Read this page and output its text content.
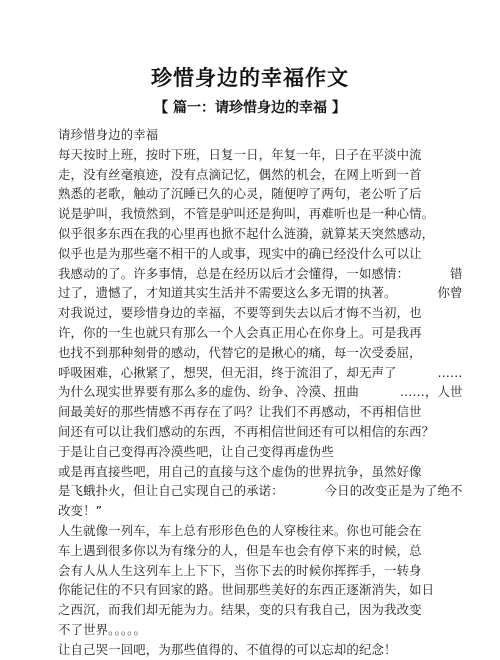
珍惜身边的幸福作文
【 篇一：请珍惜身边的幸福 】
请珍惜身边的幸福
每天按时上班，按时下班，日复一日，年复一年，日子在平淡中流
走，没有丝毫痕迹，没有点滴记忆，偶然的机会，在网上听到一首
熟悉的老歌，触动了沉睡已久的心灵，随便哼了两句，老公听了后
说是驴叫，我愤然到，不管是驴叫还是狗叫，再难听也是一种心情。
似乎很多东西在我的心里再也掀不起什么涟漪，就算某天突然感动，
似乎也是为那些毫不相干的人或事，现实中的确已经没什么可以让
我感动的了。许多事情，总是在经历以后才会懂得，一如感情：          错
过了，遗憾了，才知道其实生活并不需要这么多无谓的执著。          你曾
对我说过，要珍惜身边的幸福，不要等到失去以后才悔不当初，也
许，你的一生也就只有那么一个人会真正用心在你身上。可是我再
也找不到那种刻骨的感动，代替它的是揪心的痛，每一次受委屈，
呼吸困难，心揪紧了，想哭，但无泪，终于流泪了，却无声了          ……
为什么现实世界要有那么多的虚伪、纷争、冷漠、扭曲          ……，人世
间最美好的那些情感不再存在了吗？让我们不再感动，不再相信世
间还有可以让我们感动的东西，不再相信世间还有可以相信的东西？
于是让自己变得再冷漠些吧，让自己变得再虚伪些
或是再直接些吧，用自己的直接与这个虚伪的世界抗争，虽然好像
是飞蛾扑火，但让自己实现自己的承诺：          今日的改变正是为了绝不
改变！”
人生就像一列车，车上总有形形色色的人穿梭往来。你也可能会在
车上遇到很多你以为有缘分的人，但是车也会有停下来的时候，总
会有人从人生这列车上上下下，当你下去的时候你挥挥手，一转身
你能记住的不只有回家的路。世间那些美好的东西正逐渐消失，如日
之西沉，而我们却无能为力。结果，变的只有我自己，因为我改变
不了世界。。。。。
让自己哭一回吧，为那些值得的、不值得的可以忘却的纪念！
